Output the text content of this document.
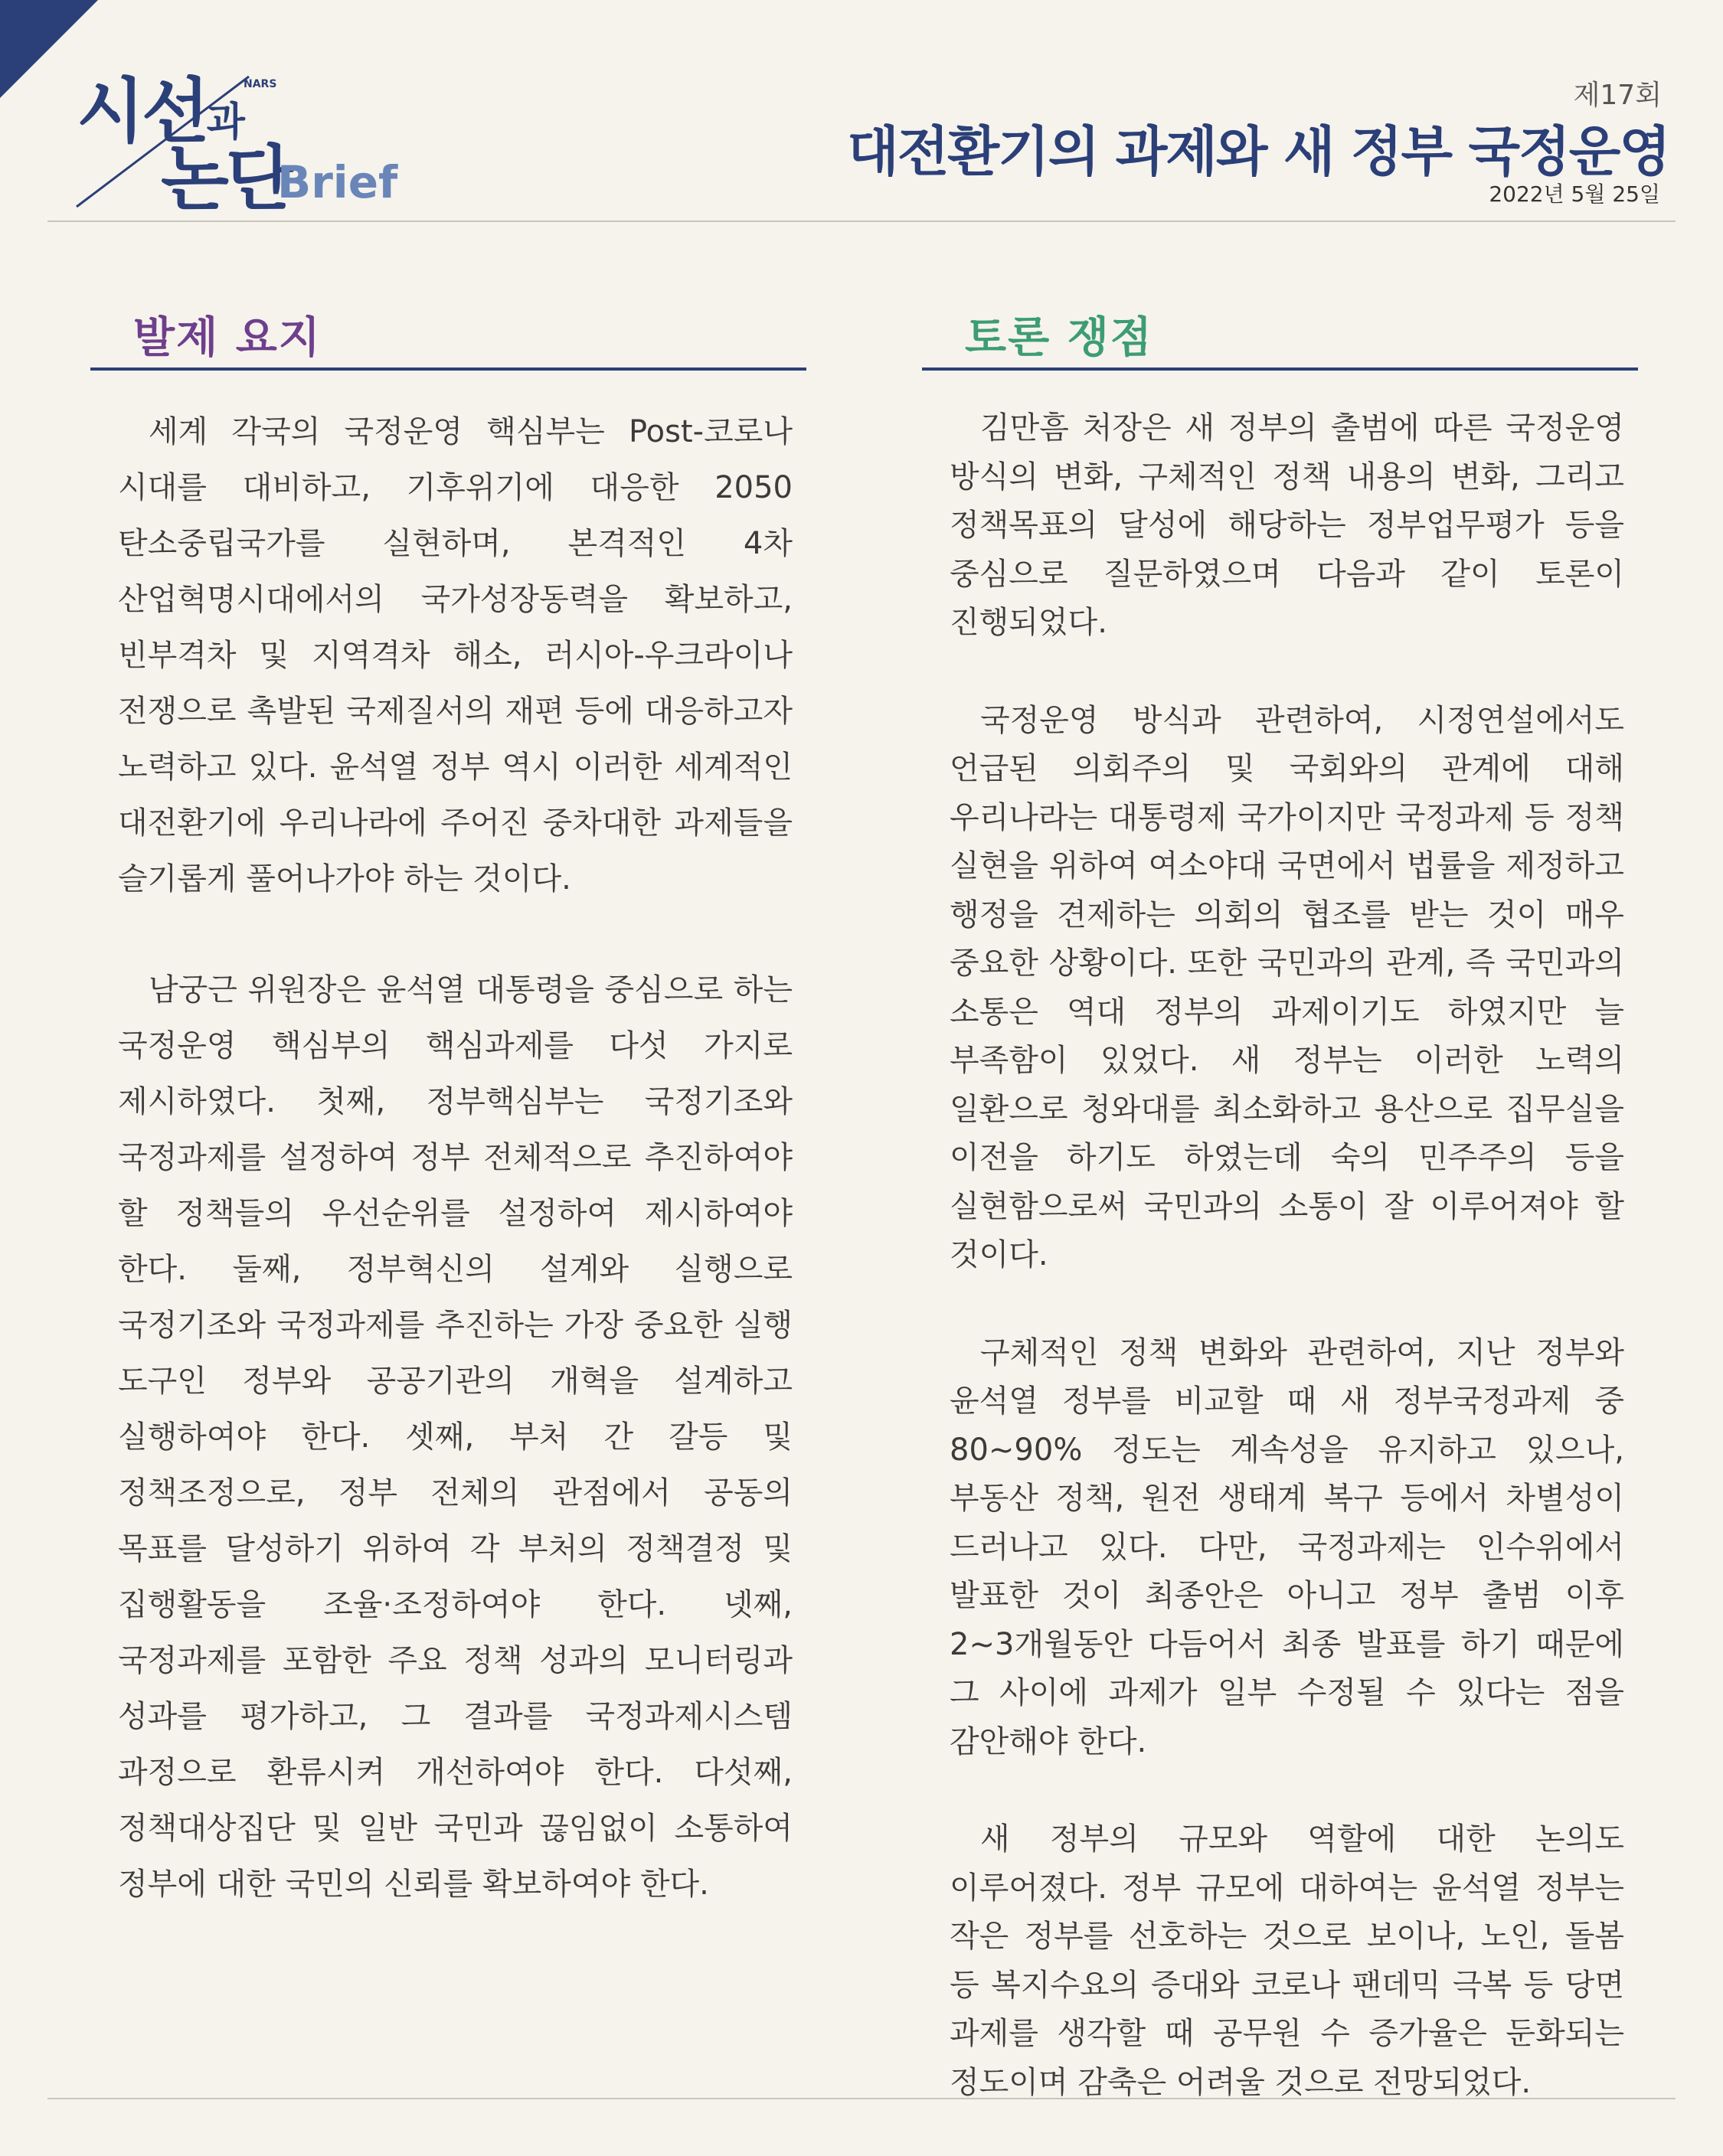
시선과
NARS
논단
Brief
제17회
대전환기의 과제와 새 정부 국정운영
2022년 5월 25일
발제 요지

세계 각국의 국정운영 핵심부는 Post-코로나 시대를 대비하고, 기후위기에 대응한 2050 탄소중립국가를 실현하며, 본격적인 4차 산업혁명시대에서의 국가성장동력을 확보하고, 빈부격차 및 지역격차 해소, 러시아-우크라이나 전쟁으로 촉발된 국제질서의 재편 등에 대응하고자 노력하고 있다. 윤석열 정부 역시 이러한 세계적인 대전환기에 우리나라에 주어진 중차대한 과제들을 슬기롭게 풀어나가야 하는 것이다.

남궁근 위원장은 윤석열 대통령을 중심으로 하는 국정운영 핵심부의 핵심과제를 다섯 가지로 제시하였다. 첫째, 정부핵심부는 국정기조와 국정과제를 설정하여 정부 전체적으로 추진하여야 할 정책들의 우선순위를 설정하여 제시하여야 한다. 둘째, 정부혁신의 설계와 실행으로 국정기조와 국정과제를 추진하는 가장 중요한 실행 도구인 정부와 공공기관의 개혁을 설계하고 실행하여야 한다. 셋째, 부처 간 갈등 및 정책조정으로, 정부 전체의 관점에서 공동의 목표를 달성하기 위하여 각 부처의 정책결정 및 집행활동을 조율·조정하여야 한다. 넷째, 국정과제를 포함한 주요 정책 성과의 모니터링과 성과를 평가하고, 그 결과를 국정과제시스템 과정으로 환류시켜 개선하여야 한다. 다섯째, 정책대상집단 및 일반 국민과 끊임없이 소통하여 정부에 대한 국민의 신뢰를 확보하여야 한다.

토론 쟁점

김만흠 처장은 새 정부의 출범에 따른 국정운영 방식의 변화, 구체적인 정책 내용의 변화, 그리고 정책목표의 달성에 해당하는 정부업무평가 등을 중심으로 질문하였으며 다음과 같이 토론이 진행되었다.

국정운영 방식과 관련하여, 시정연설에서도 언급된 의회주의 및 국회와의 관계에 대해 우리나라는 대통령제 국가이지만 국정과제 등 정책 실현을 위하여 여소야대 국면에서 법률을 제정하고 행정을 견제하는 의회의 협조를 받는 것이 매우 중요한 상황이다. 또한 국민과의 관계, 즉 국민과의 소통은 역대 정부의 과제이기도 하였지만 늘 부족함이 있었다. 새 정부는 이러한 노력의 일환으로 청와대를 최소화하고 용산으로 집무실을 이전을 하기도 하였는데 숙의 민주주의 등을 실현함으로써 국민과의 소통이 잘 이루어져야 할 것이다.

구체적인 정책 변화와 관련하여, 지난 정부와 윤석열 정부를 비교할 때 새 정부국정과제 중 80~90% 정도는 계속성을 유지하고 있으나, 부동산 정책, 원전 생태계 복구 등에서 차별성이 드러나고 있다. 다만, 국정과제는 인수위에서 발표한 것이 최종안은 아니고 정부 출범 이후 2~3개월동안 다듬어서 최종 발표를 하기 때문에 그 사이에 과제가 일부 수정될 수 있다는 점을 감안해야 한다.

새 정부의 규모와 역할에 대한 논의도 이루어졌다. 정부 규모에 대하여는 윤석열 정부는 작은 정부를 선호하는 것으로 보이나, 노인, 돌봄 등 복지수요의 증대와 코로나 팬데믹 극복 등 당면 과제를 생각할 때 공무원 수 증가율은 둔화되는 정도이며 감축은 어려울 것으로 전망되었다.
